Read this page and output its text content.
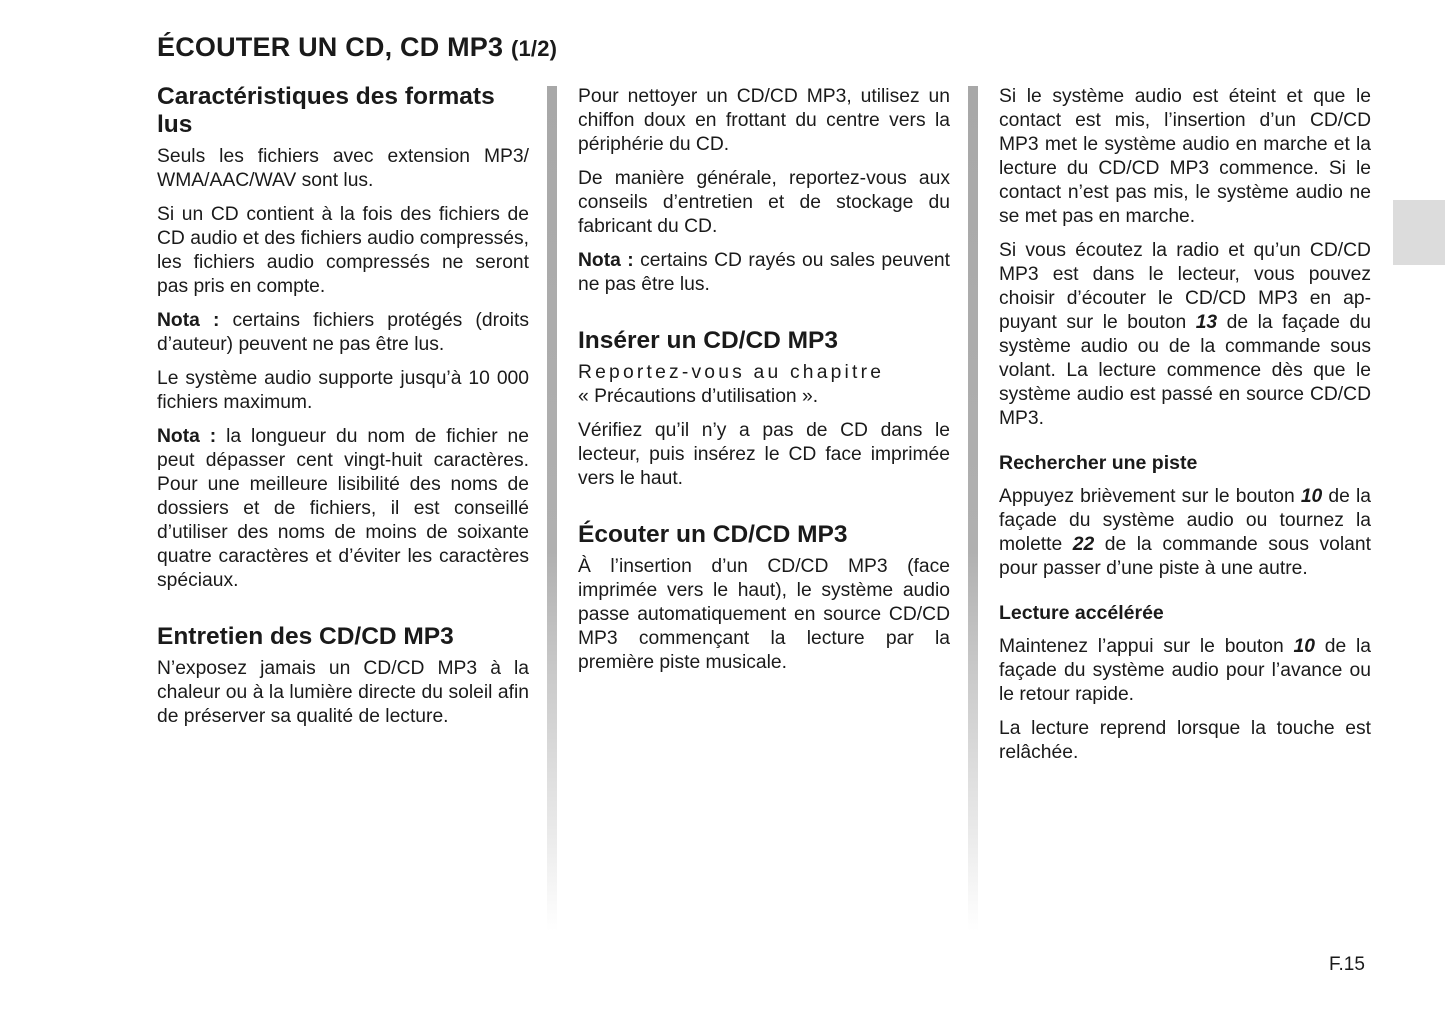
ÉCOUTER UN CD, CD MP3 (1/2)
Caractéristiques des formats lus

Seuls les fichiers avec extension MP3/ WMA/AAC/WAV sont lus.

Si un CD contient à la fois des fichiers de CD audio et des fichiers audio compressés, les fichiers audio compressés ne seront pas pris en compte.

Nota : certains fichiers protégés (droits d’auteur) peuvent ne pas être lus.

Le système audio supporte jusqu’à 10 000 fichiers maximum.

Nota : la longueur du nom de fichier ne peut dépasser cent vingt-huit caractères. Pour une meilleure lisibilité des noms de dossiers et de fichiers, il est conseillé d’utiliser des noms de moins de soixante quatre caractères et d’éviter les caractères spéciaux.

Entretien des CD/CD MP3

N’exposez jamais un CD/CD MP3 à la chaleur ou à la lumière directe du soleil afin de préserver sa qualité de lecture.

Pour nettoyer un CD/CD MP3, utilisez un chiffon doux en frottant du centre vers la périphérie du CD.

De manière générale, reportez-vous aux conseils d’entretien et de stockage du fabricant du CD.

Nota : certains CD rayés ou sales peuvent ne pas être lus.

Insérer un CD/CD MP3

Reportez-vous au chapitre
« Précautions d’utilisation ».

Vérifiez qu’il n’y a pas de CD dans le lecteur, puis insérez le CD face imprimée vers le haut.

Écouter un CD/CD MP3

À l’insertion d’un CD/CD MP3 (face imprimée vers le haut), le système audio passe automatiquement en source CD/CD MP3 commençant la lecture par la première piste musicale.

Si le système audio est éteint et que le contact est mis, l’insertion d’un CD/CD MP3 met le système audio en marche et la lecture du CD/CD MP3 commence. Si le contact n’est pas mis, le système audio ne se met pas en marche.

Si vous écoutez la radio et qu’un CD/CD MP3 est dans le lecteur, vous pouvez choisir d’écouter le CD/CD MP3 en appuyant sur le bouton 13 de la façade du système audio ou de la commande sous volant. La lecture commence dès que le système audio est passé en source CD/CD MP3.

Rechercher une piste

Appuyez brièvement sur le bouton 10 de la façade du système audio ou tournez la molette 22 de la commande sous volant pour passer d’une piste à une autre.

Lecture accélérée

Maintenez l’appui sur le bouton 10 de la façade du système audio pour l’avance ou le retour rapide.

La lecture reprend lorsque la touche est relâchée.

F.15
